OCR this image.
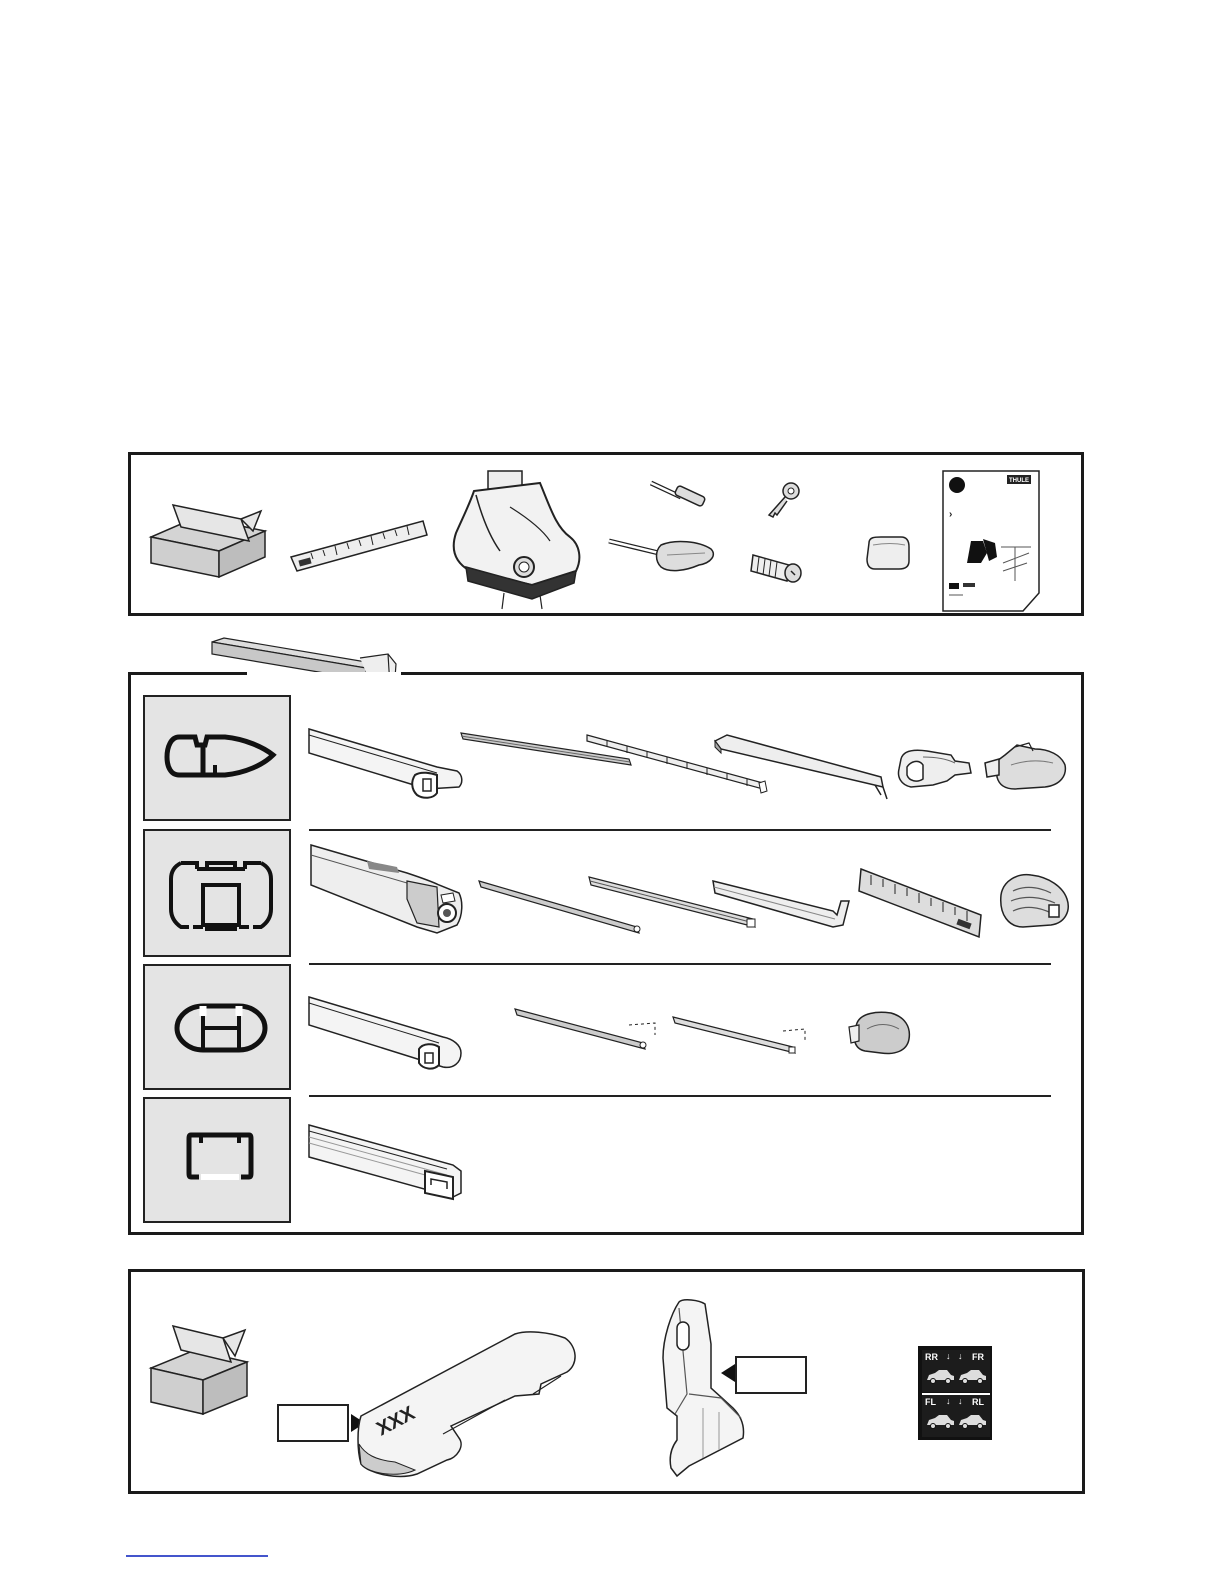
THULE
›
XXX
RR ↓ ↓ FR
FL ↓ ↓ RL
